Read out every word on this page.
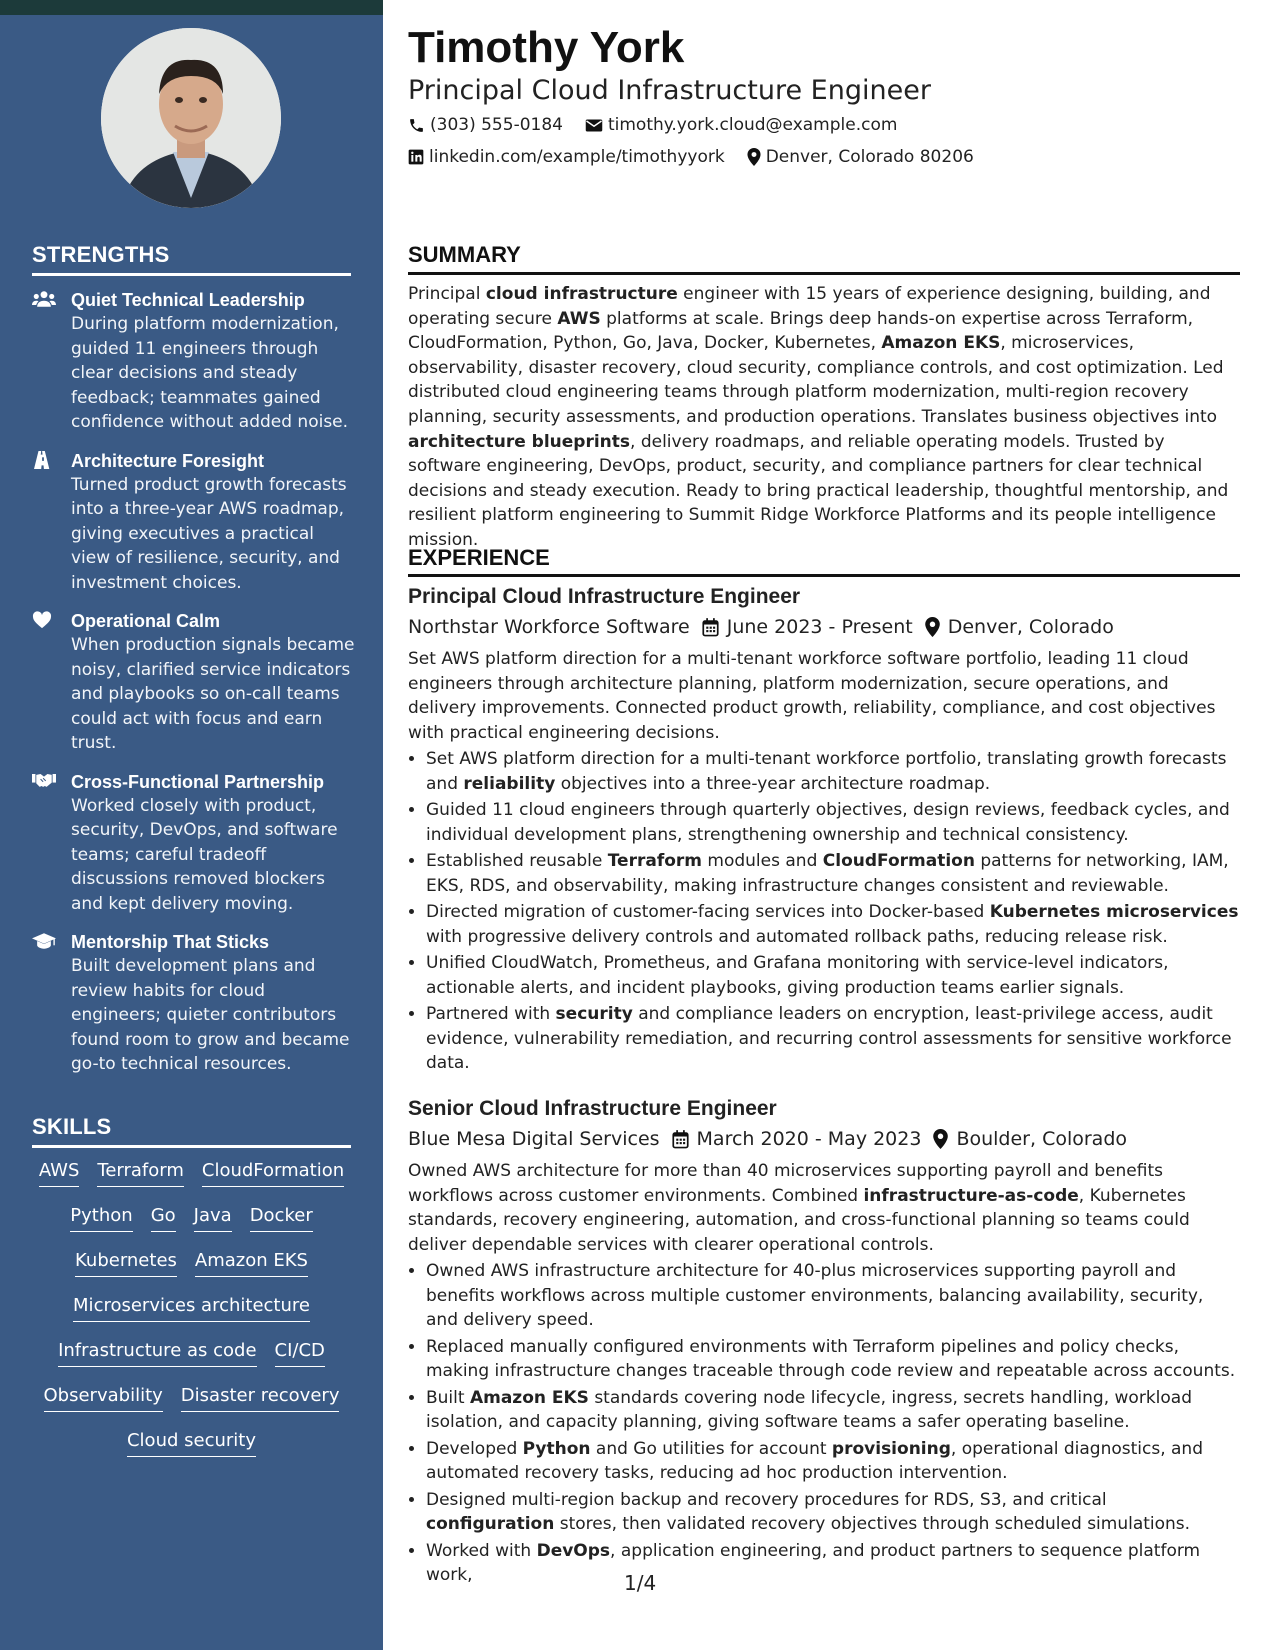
STRENGTHS
Quiet Technical Leadership
During platform modernization, guided 11 engineers through clear decisions and steady feedback; teammates gained confidence without added noise.
Architecture Foresight
Turned product growth forecasts into a three-year AWS roadmap, giving executives a practical view of resilience, security, and investment choices.
Operational Calm
When production signals became noisy, clarified service indicators and playbooks so on-call teams could act with focus and earn trust.
Cross-Functional Partnership
Worked closely with product, security, DevOps, and software teams; careful tradeoff discussions removed blockers and kept delivery moving.
Mentorship That Sticks
Built development plans and review habits for cloud engineers; quieter contributors found room to grow and became go-to technical resources.
SKILLS
AWS Terraform CloudFormation
Python Go Java Docker
Kubernetes Amazon EKS
Microservices architecture
Infrastructure as code CI/CD
Observability Disaster recovery
Cloud security
Timothy York
Principal Cloud Infrastructure Engineer
(303) 555-0184	timothy.york.cloud@example.com
linkedin.com/example/timothyyork Denver, Colorado 80206
SUMMARY
Principal cloud infrastructure engineer with 15 years of experience designing, building, and operating secure AWS platforms at scale. Brings deep hands-on expertise across Terraform, CloudFormation, Python, Go, Java, Docker, Kubernetes, Amazon EKS, microservices, observability, disaster recovery, cloud security, compliance controls, and cost optimization. Led distributed cloud engineering teams through platform modernization, multi-region recovery planning, security assessments, and production operations. Translates business objectives into architecture blueprints, delivery roadmaps, and reliable operating models. Trusted by software engineering, DevOps, product, security, and compliance partners for clear technical decisions and steady execution. Ready to bring practical leadership, thoughtful mentorship, and resilient platform engineering to Summit Ridge Workforce Platforms and its people intelligence mission.
EXPERIENCE
Principal Cloud Infrastructure Engineer
Northstar Workforce Software June 2023 - Present Denver, Colorado
Set AWS platform direction for a multi-tenant workforce software portfolio, leading 11 cloud engineers through architecture planning, platform modernization, secure operations, and delivery improvements. Connected product growth, reliability, compliance, and cost objectives with practical engineering decisions.
• Set AWS platform direction for a multi-tenant workforce portfolio, translating growth forecasts and reliability objectives into a three-year architecture roadmap.
• Guided 11 cloud engineers through quarterly objectives, design reviews, feedback cycles, and individual development plans, strengthening ownership and technical consistency.
• Established reusable Terraform modules and CloudFormation patterns for networking, IAM, EKS, RDS, and observability, making infrastructure changes consistent and reviewable.
• Directed migration of customer-facing services into Docker-based Kubernetes microservices with progressive delivery controls and automated rollback paths, reducing release risk.
• Unified CloudWatch, Prometheus, and Grafana monitoring with service-level indicators, actionable alerts, and incident playbooks, giving production teams earlier signals.
• Partnered with security and compliance leaders on encryption, least-privilege access, audit evidence, vulnerability remediation, and recurring control assessments for sensitive workforce data.
Senior Cloud Infrastructure Engineer
Blue Mesa Digital Services March 2020 - May 2023 Boulder, Colorado
Owned AWS architecture for more than 40 microservices supporting payroll and benefits workflows across customer environments. Combined infrastructure-as-code, Kubernetes standards, recovery engineering, automation, and cross-functional planning so teams could deliver dependable services with clearer operational controls.
• Owned AWS infrastructure architecture for 40-plus microservices supporting payroll and benefits workflows across multiple customer environments, balancing availability, security, and delivery speed.
• Replaced manually configured environments with Terraform pipelines and policy checks, making infrastructure changes traceable through code review and repeatable across accounts.
• Built Amazon EKS standards covering node lifecycle, ingress, secrets handling, workload isolation, and capacity planning, giving software teams a safer operating baseline.
• Developed Python and Go utilities for account provisioning, operational diagnostics, and automated recovery tasks, reducing ad hoc production intervention.
• Designed multi-region backup and recovery procedures for RDS, S3, and critical configuration stores, then validated recovery objectives through scheduled simulations.
• Worked with DevOps, application engineering, and product partners to sequence platform work,	1/4
